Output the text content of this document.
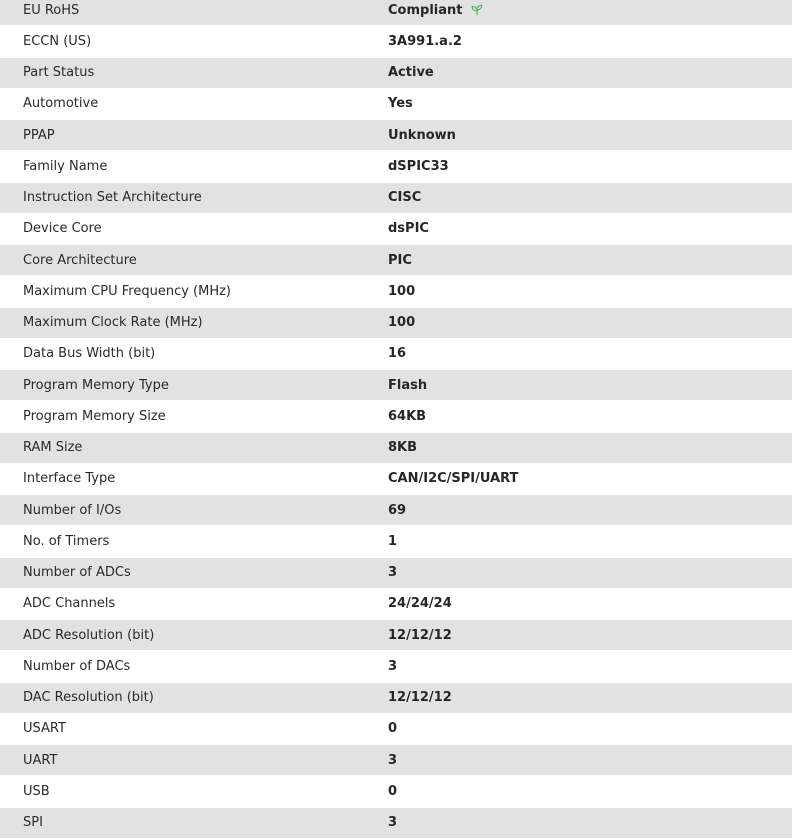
EU RoHS	Compliant
ECCN (US)	3A991.a.2
Part Status	Active
Automotive	Yes
PPAP	Unknown
Family Name	dSPIC33
Instruction Set Architecture	CISC
Device Core	dsPIC
Core Architecture	PIC
Maximum CPU Frequency (MHz)	100
Maximum Clock Rate (MHz)	100
Data Bus Width (bit)	16
Program Memory Type	Flash
Program Memory Size	64KB
RAM Size	8KB
Interface Type	CAN/I2C/SPI/UART
Number of I/Os	69
No. of Timers	1
Number of ADCs	3
ADC Channels	24/24/24
ADC Resolution (bit)	12/12/12
Number of DACs	3
DAC Resolution (bit)	12/12/12
USART	0
UART	3
USB	0
SPI	3
